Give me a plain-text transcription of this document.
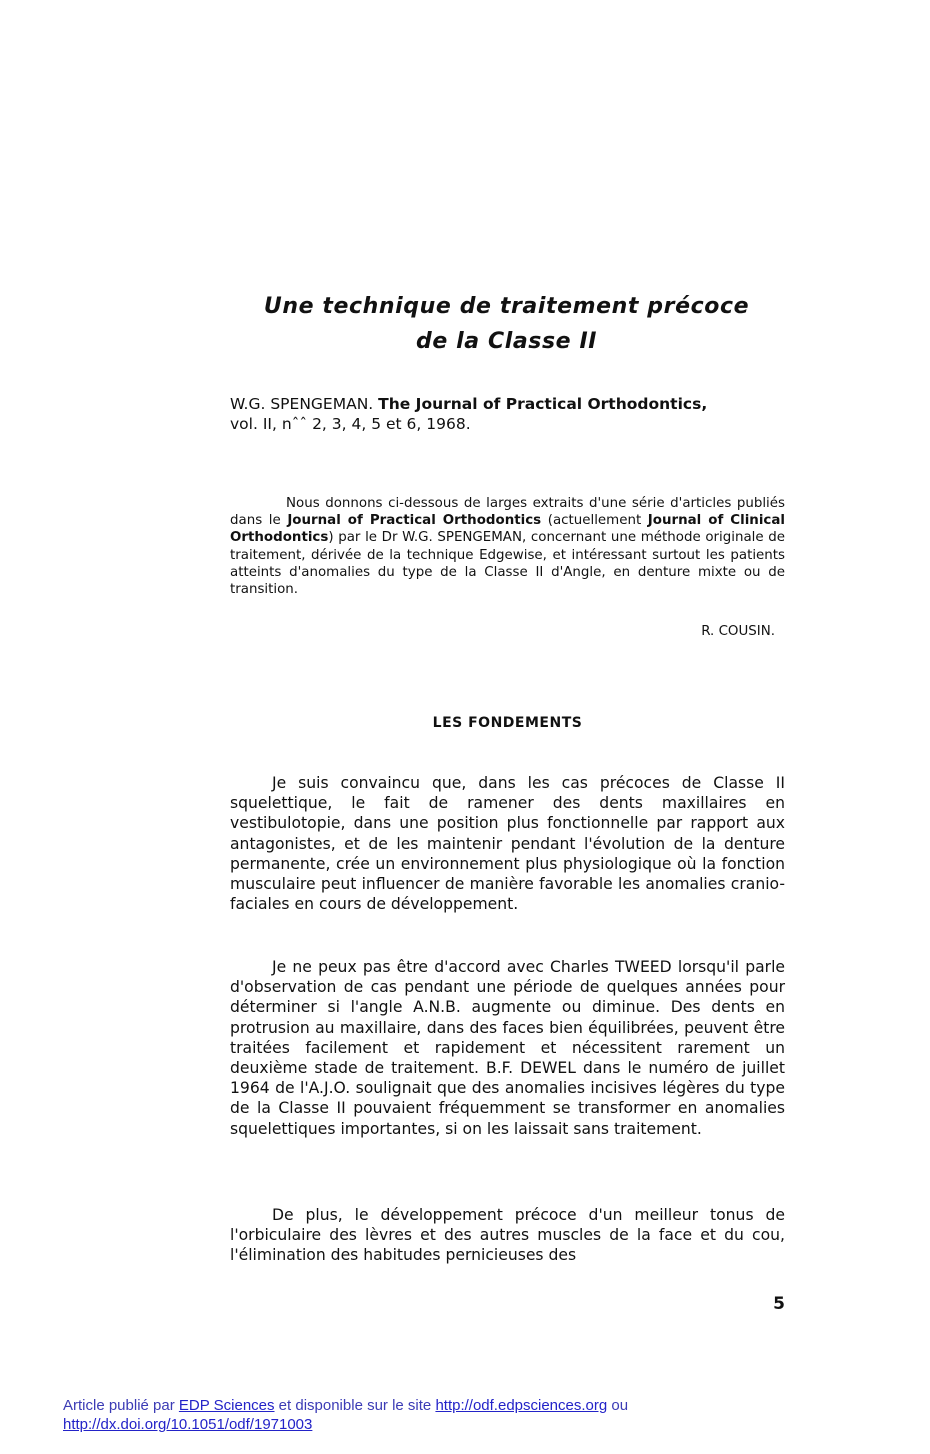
Une technique de traitement précoce
de la Classe II

W.G. SPENGEMAN. The Journal of Practical Orthodontics,
vol. II, nˆˆ 2, 3, 4, 5 et 6, 1968.

Nous donnons ci-dessous de larges extraits d'une série d'articles publiés dans le Journal of Practical Orthodontics (actuellement Journal of Clinical Orthodontics) par le Dr W.G. SPENGEMAN, concernant une méthode originale de traitement, dérivée de la technique Edgewise, et intéressant surtout les patients atteints d'anomalies du type de la Classe II d'Angle, en denture mixte ou de transition.

R. COUSIN.

LES FONDEMENTS

Je suis convaincu que, dans les cas précoces de Classe II squelettique, le fait de ramener des dents maxillaires en vestibulotopie, dans une position plus fonctionnelle par rapport aux antagonistes, et de les maintenir pendant l'évolution de la denture permanente, crée un environnement plus physiologique où la fonction musculaire peut influencer de manière favorable les anomalies cranio-faciales en cours de développement.

Je ne peux pas être d'accord avec Charles TWEED lorsqu'il parle d'observation de cas pendant une période de quelques années pour déterminer si l'angle A.N.B. augmente ou diminue. Des dents en protrusion au maxillaire, dans des faces bien équilibrées, peuvent être traitées facilement et rapidement et nécessitent rarement un deuxième stade de traitement. B.F. DEWEL dans le numéro de juillet 1964 de l'A.J.O. soulignait que des anomalies incisives légères du type de la Classe II pouvaient fréquemment se transformer en anomalies squelettiques importantes, si on les laissait sans traitement.

De plus, le développement précoce d'un meilleur tonus de l'orbiculaire des lèvres et des autres muscles de la face et du cou, l'élimination des habitudes pernicieuses des

5
Article publié par EDP Sciences et disponible sur le site http://odf.edpsciences.org ou
http://dx.doi.org/10.1051/odf/1971003
